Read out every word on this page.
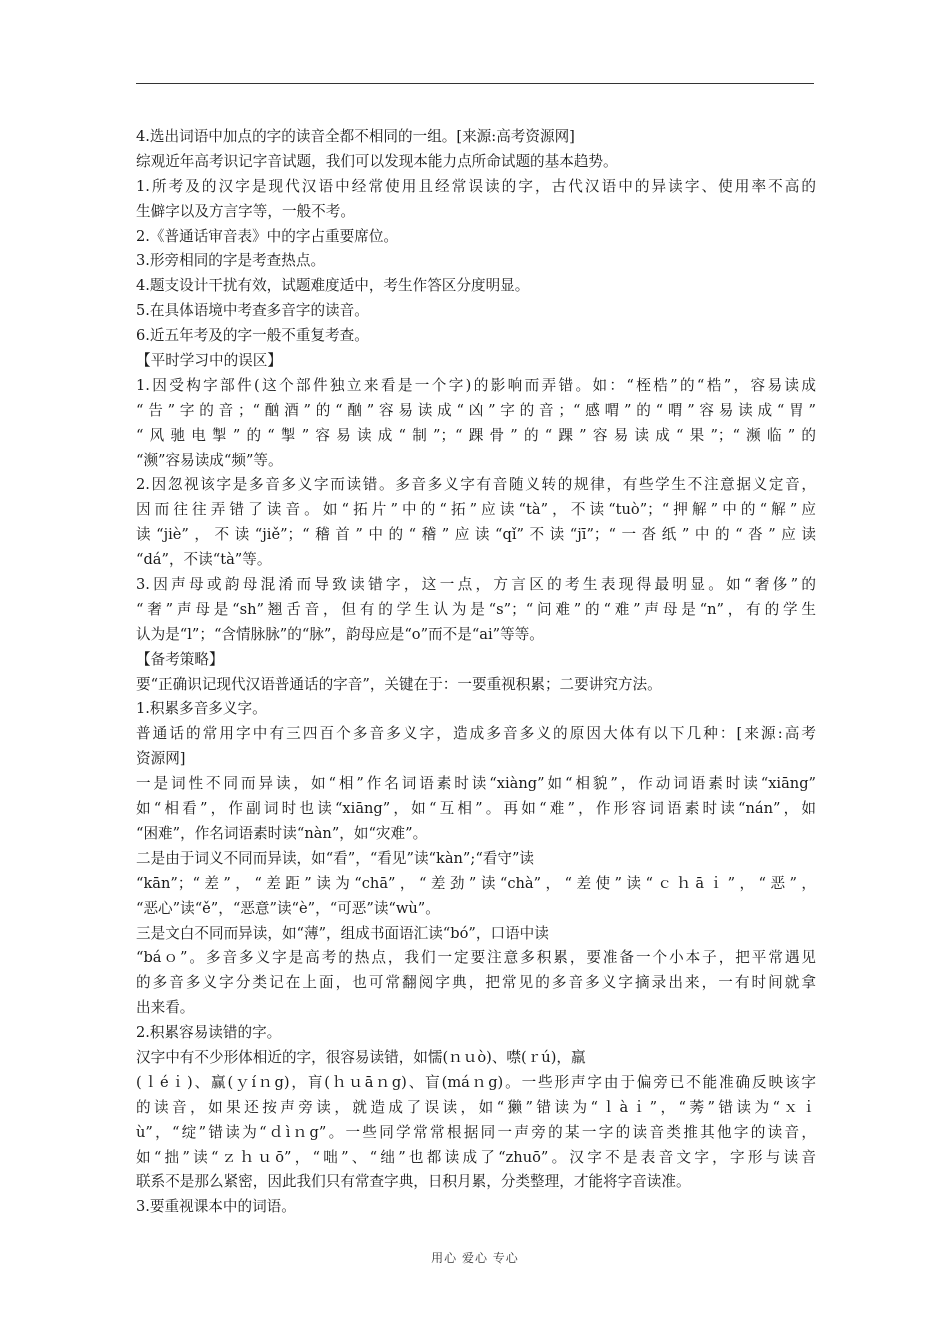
4.选出词语中加点的字的读音全都不相同的一组。[来源:高考资源网]
综观近年高考识记字音试题，我们可以发现本能力点所命试题的基本趋势。
1.所考及的汉字是现代汉语中经常使用且经常误读的字，古代汉语中的异读字、使用率不高的
生僻字以及方言字等，一般不考。
2.《普通话审音表》中的字占重要席位。
3.形旁相同的字是考查热点。
4.题支设计干扰有效，试题难度适中，考生作答区分度明显。
5.在具体语境中考查多音字的读音。
6.近五年考及的字一般不重复考查。
【平时学习中的误区】
1.因受构字部件(这个部件独立来看是一个字)的影响而弄错。如：“桎梏”的“梏”，容易读成
“告”字的音；“酗酒”的“酗”容易读成“凶”字的音；“感喟”的“喟”容易读成“胃”
“风驰电掣”的“掣”容易读成“制”；“踝骨”的“踝”容易读成“果”；“濒临”的
“濒”容易读成“频”等。
2.因忽视该字是多音多义字而读错。多音多义字有音随义转的规律，有些学生不注意据义定音，
因而往往弄错了读音。如“拓片”中的“拓”应读“tà”，不读“tuò”；“押解”中的“解”应
读“jiè”，不读“jiě”；“稽首”中的“稽”应读“qǐ”不读“jī”；“一沓纸”中的“沓”应读
“dá”，不读“tà”等。
3.因声母或韵母混淆而导致读错字，这一点，方言区的考生表现得最明显。如“奢侈”的
“奢”声母是“sh”翘舌音，但有的学生认为是“s”；“问难”的“难”声母是“n”，有的学生
认为是“l”；“含情脉脉”的“脉”，韵母应是“o”而不是“ai”等等。
【备考策略】
要“正确识记现代汉语普通话的字音”，关键在于：一要重视积累；二要讲究方法。
1.积累多音多义字。
普通话的常用字中有三四百个多音多义字，造成多音多义的原因大体有以下几种：[来源:高考
资源网]
一是词性不同而异读，如“相”作名词语素时读“xiàng”如“相貌”，作动词语素时读“xiāng”
如“相看”，作副词时也读“xiāng”，如“互相”。再如“难”，作形容词语素时读“nán”，如
“困难”，作名词语素时读“nàn”，如“灾难”。
二是由于词义不同而异读，如“看”，“看见”读“kàn”;“看守”读
“kān”；“差”，“差距”读为“chā”，“差劲”读“chà”，“差使”读“ｃｈāｉ”，“恶”，
“恶心”读“ě”，“恶意”读“è”，“可恶”读“wù”。
三是文白不同而异读，如“薄”，组成书面语汇读“bó”，口语中读
“báｏ”。多音多义字是高考的热点，我们一定要注意多积累，要准备一个小本子，把平常遇见
的多音多义字分类记在上面，也可常翻阅字典，把常见的多音多义字摘录出来，一有时间就拿
出来看。
2.积累容易读错的字。
汉字中有不少形体相近的字，很容易读错，如懦(ｎｕò)、噤(ｒú)，羸
(ｌéｉ)、赢(ｙíｎg)，肓(ｈｕāｎg)、盲(máｎg)。一些形声字由于偏旁已不能准确反映该字
的读音，如果还按声旁读，就造成了误读，如“獭”错读为“ｌàｉ”，“莠”错读为“ｘｉ
ù”，“绽”错读为“ｄìｎg”。一些同学常常根据同一声旁的某一字的读音类推其他字的读音，
如“拙”读“ｚｈｕō”，“咄”、“绌”也都读成了“zhuō”。汉字不是表音文字，字形与读音
联系不是那么紧密，因此我们只有常查字典，日积月累，分类整理，才能将字音读准。
3.要重视课本中的词语。
用心 爱心 专心
